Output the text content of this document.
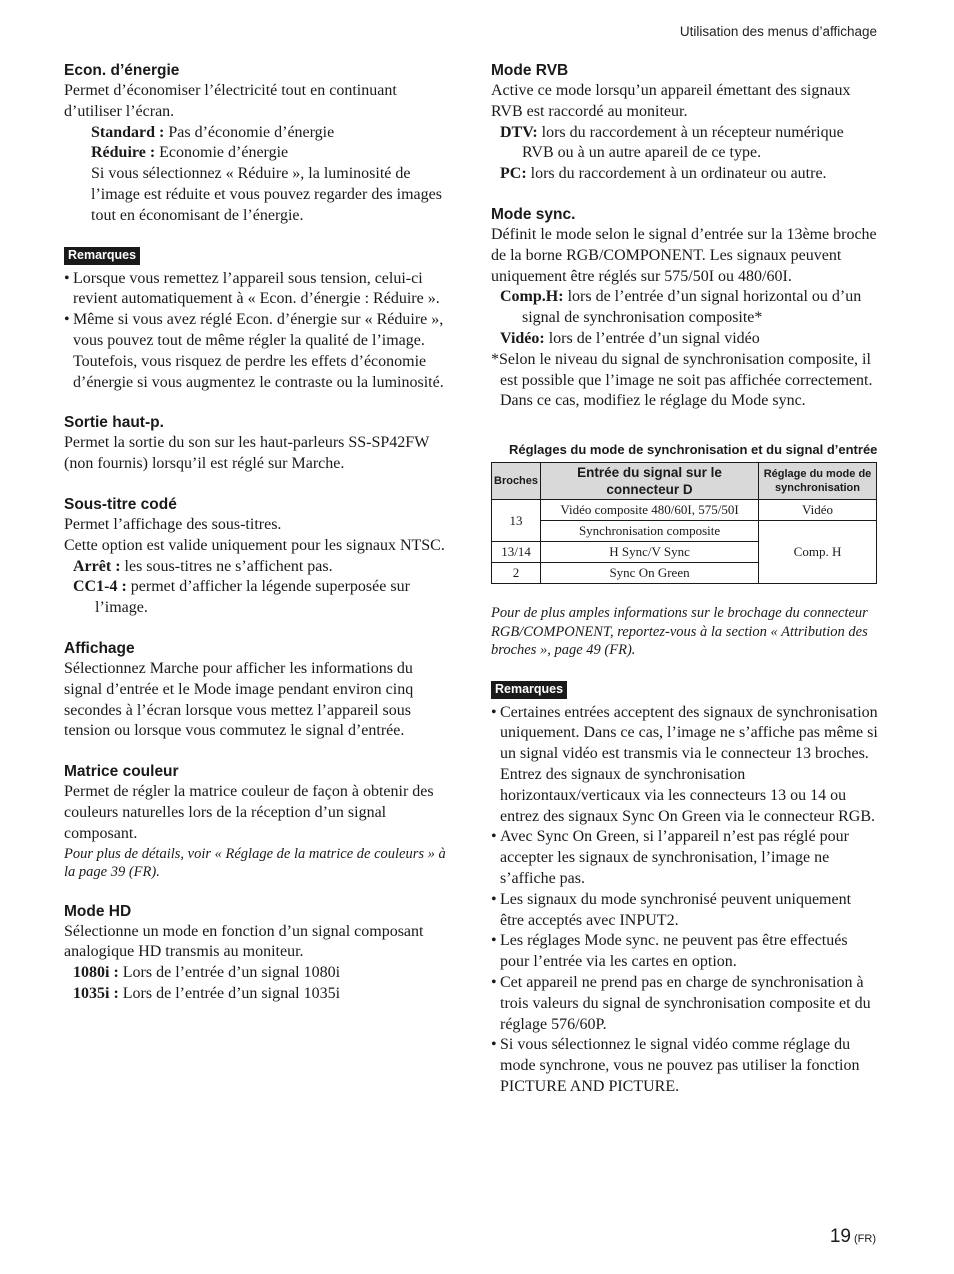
Utilisation des menus d’affichage
Econ. d’énergie

Permet d’économiser l’électricité tout en continuant d’utiliser l’écran.

Standard : Pas d’économie d’énergie

Réduire : Economie d’énergie

Si vous sélectionnez « Réduire », la luminosité de l’image est réduite et vous pouvez regarder des images tout en économisant de l’énergie.

Remarques
• Lorsque vous remettez l’appareil sous tension, celui-ci revient automatiquement à « Econ. d’énergie : Réduire ».
• Même si vous avez réglé Econ. d’énergie sur « Réduire », vous pouvez tout de même régler la qualité de l’image. Toutefois, vous risquez de perdre les effets d’économie d’énergie si vous augmentez le contraste ou la luminosité.
Sortie haut-p.

Permet la sortie du son sur les haut-parleurs SS-SP42FW (non fournis) lorsqu’il est réglé sur Marche.

Sous-titre codé

Permet l’affichage des sous-titres.

Cette option est valide uniquement pour les signaux NTSC.

Arrêt : les sous-titres ne s’affichent pas.

CC1-4 : permet d’afficher la légende superposée sur l’image.

Affichage

Sélectionnez Marche pour afficher les informations du signal d’entrée et le Mode image pendant environ cinq secondes à l’écran lorsque vous mettez l’appareil sous tension ou lorsque vous commutez le signal d’entrée.

Matrice couleur

Permet de régler la matrice couleur de façon à obtenir des couleurs naturelles lors de la réception d’un signal composant.

Pour plus de détails, voir « Réglage de la matrice de couleurs » à la page 39 (FR).

Mode HD

Sélectionne un mode en fonction d’un signal composant analogique HD transmis au moniteur.

1080i : Lors de l’entrée d’un signal 1080i

1035i : Lors de l’entrée d’un signal 1035i

Mode RVB

Active ce mode lorsqu’un appareil émettant des signaux RVB est raccordé au moniteur.

DTV: lors du raccordement à un récepteur numérique RVB ou à un autre apareil de ce type.

PC: lors du raccordement à un ordinateur ou autre.

Mode sync.

Définit le mode selon le signal d’entrée sur la 13ème broche de la borne RGB/COMPONENT. Les signaux peuvent uniquement être réglés sur 575/50I ou 480/60I.

Comp.H: lors de l’entrée d’un signal horizontal ou d’un signal de synchronisation composite*

Vidéo: lors de l’entrée d’un signal vidéo

*Selon le niveau du signal de synchronisation composite, il est possible que l’image ne soit pas affichée correctement. Dans ce cas, modifiez le réglage du Mode sync.

Réglages du mode de synchronisation et du signal d’entrée

Broches	Entrée du signal sur le connecteur D	Réglage du mode de synchronisation
13	Vidéo composite 480/60I, 575/50I	Vidéo
	Synchronisation composite	Comp. H
13/14	H Sync/V Sync	
2	Sync On Green	

Pour de plus amples informations sur le brochage du connecteur RGB/COMPONENT, reportez-vous à la section « Attribution des broches », page 49 (FR).

Remarques
• Certaines entrées acceptent des signaux de synchronisation uniquement. Dans ce cas, l’image ne s’affiche pas même si un signal vidéo est transmis via le connecteur 13 broches. Entrez des signaux de synchronisation horizontaux/verticaux via les connecteurs 13 ou 14 ou entrez des signaux Sync On Green via le connecteur RGB.
• Avec Sync On Green, si l’appareil n’est pas réglé pour accepter les signaux de synchronisation, l’image ne s’affiche pas.
• Les signaux du mode synchronisé peuvent uniquement être acceptés avec INPUT2.
• Les réglages Mode sync. ne peuvent pas être effectués pour l’entrée via les cartes en option.
• Cet appareil ne prend pas en charge de synchronisation à trois valeurs du signal de synchronisation composite et du réglage 576/60P.
• Si vous sélectionnez le signal vidéo comme réglage du mode synchrone, vous ne pouvez pas utiliser la fonction PICTURE AND PICTURE.
19 (FR)
